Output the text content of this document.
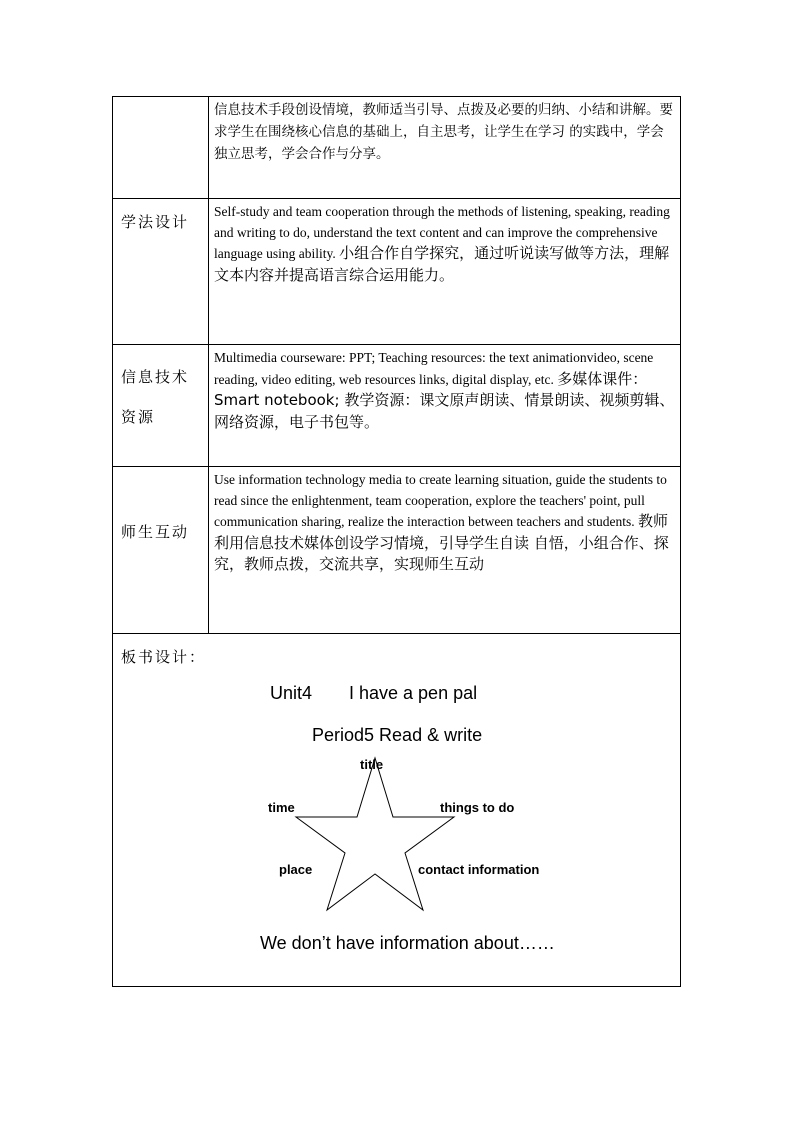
信息技术手段创设情境，教师适当引导、点拨及必要的归纳、小结和讲解。要求学生在围绕核心信息的基础上，自主思考，让学生在学习 的实践中，学会独立思考，学会合作与分享。
学法设计
Self-study and team cooperation through the methods of listening, speaking, reading and writing to do, understand the text content and can improve the comprehensive language using ability. 小组合作自学探究，通过听说读写做等方法，理解文本内容并提高语言综合运用能力。
信息技术
资源
Multimedia courseware: PPT; Teaching resources: the text animationvideo, scene reading, video editing, web resources links, digital display, etc. 多媒体课件：Smart notebook; 教学资源：课文原声朗读、情景朗读、视频剪辑、网络资源，电子书包等。
师生互动
Use information technology media to create learning situation, guide the students to read since the enlightenment, team cooperation, explore the teachers' point, pull communication sharing, realize the interaction between teachers and students. 教师利用信息技术媒体创设学习情境，引导学生自读 自悟，小组合作、探究，教师点拨，交流共享，实现师生互动
板书设计：
Unit4 I have a pen pal
Period5 Read & write
title
time	things to do
place	contact information
We don’t have information about……
